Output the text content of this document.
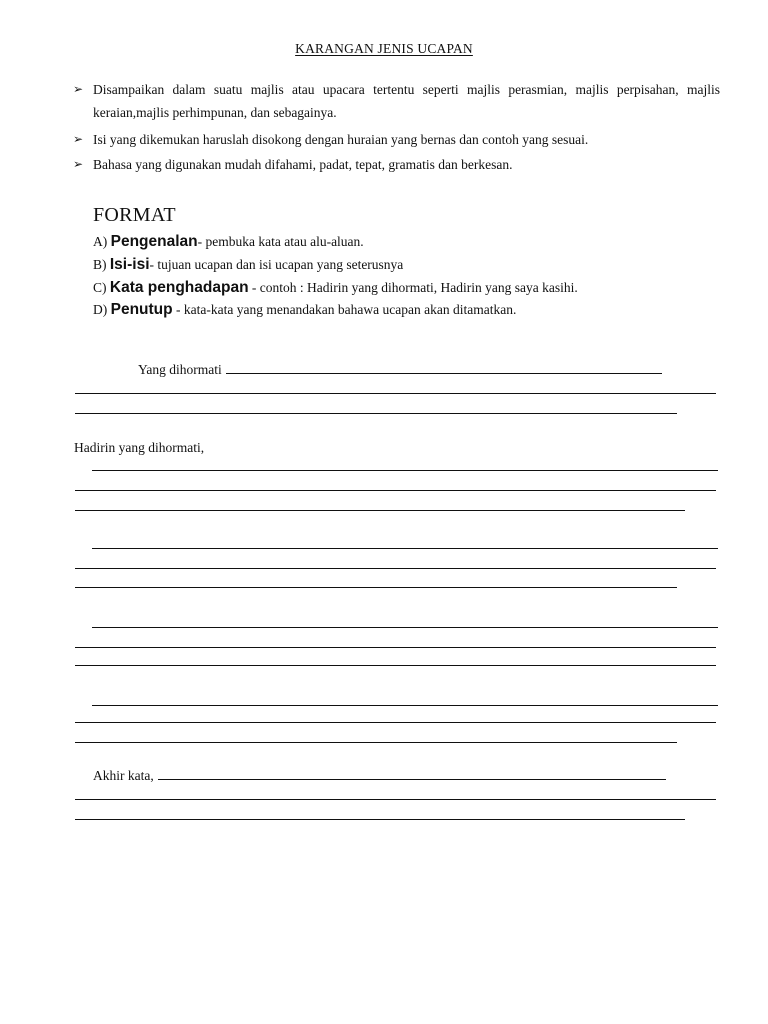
KARANGAN JENIS UCAPAN
➢ Disampaikan dalam suatu majlis atau upacara tertentu seperti majlis perasmian, majlis perpisahan, majlis keraian,majlis perhimpunan, dan sebagainya.
➢ Isi yang dikemukan haruslah disokong dengan huraian yang bernas dan contoh yang sesuai.
➢ Bahasa yang digunakan mudah difahami, padat, tepat, gramatis dan berkesan.
FORMAT
A) Pengenalan- pembuka kata atau alu-aluan.
B) Isi-isi- tujuan ucapan dan isi ucapan yang seterusnya
C) Kata penghadapan - contoh : Hadirin yang dihormati, Hadirin yang saya kasihi.
D) Penutup - kata-kata yang menandakan bahawa ucapan akan ditamatkan.
Yang dihormati
Hadirin yang dihormati,
Akhir kata,
